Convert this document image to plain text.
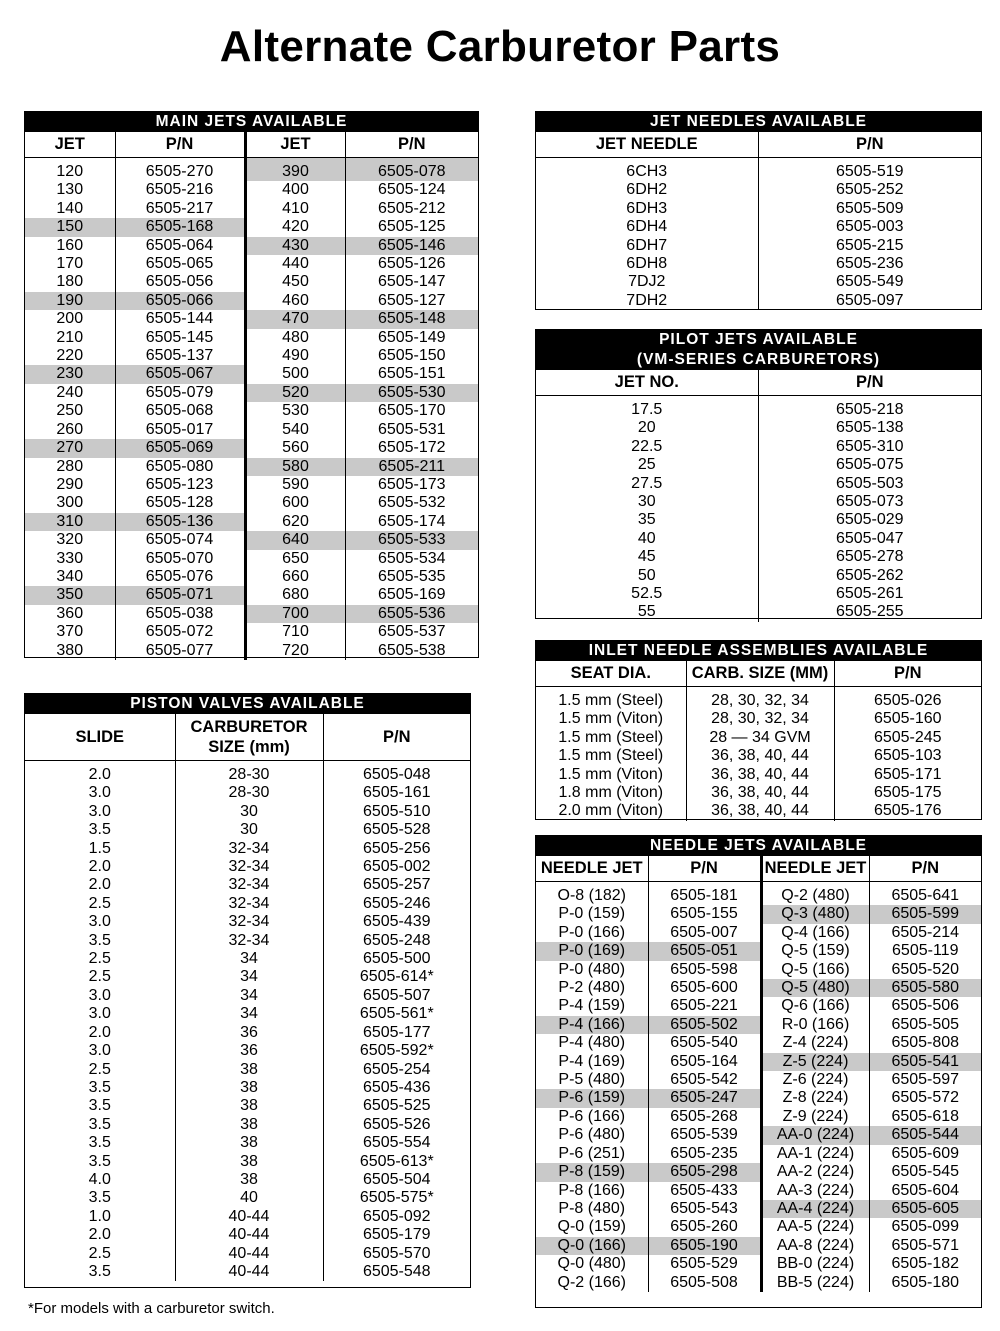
Alternate Carburetor Parts
MAIN JETS AVAILABLE
JET	P/N	JET	P/N
120	6505-270	390	6505-078
130	6505-216	400	6505-124
140	6505-217	410	6505-212
150	6505-168	420	6505-125
160	6505-064	430	6505-146
170	6505-065	440	6505-126
180	6505-056	450	6505-147
190	6505-066	460	6505-127
200	6505-144	470	6505-148
210	6505-145	480	6505-149
220	6505-137	490	6505-150
230	6505-067	500	6505-151
240	6505-079	520	6505-530
250	6505-068	530	6505-170
260	6505-017	540	6505-531
270	6505-069	560	6505-172
280	6505-080	580	6505-211
290	6505-123	590	6505-173
300	6505-128	600	6505-532
310	6505-136	620	6505-174
320	6505-074	640	6505-533
330	6505-070	650	6505-534
340	6505-076	660	6505-535
350	6505-071	680	6505-169
360	6505-038	700	6505-536
370	6505-072	710	6505-537
380	6505-077	720	6505-538
PISTON VALVES AVAILABLE
SLIDE	CARBURETOR SIZE (mm)	P/N
2.0	28-30	6505-048
3.0	28-30	6505-161
3.0	30	6505-510
3.5	30	6505-528
1.5	32-34	6505-256
2.0	32-34	6505-002
2.0	32-34	6505-257
2.5	32-34	6505-246
3.0	32-34	6505-439
3.5	32-34	6505-248
2.5	34	6505-500
2.5	34	6505-614*
3.0	34	6505-507
3.0	34	6505-561*
2.0	36	6505-177
3.0	36	6505-592*
2.5	38	6505-254
3.5	38	6505-436
3.5	38	6505-525
3.5	38	6505-526
3.5	38	6505-554
3.5	38	6505-613*
4.0	38	6505-504
3.5	40	6505-575*
1.0	40-44	6505-092
2.0	40-44	6505-179
2.5	40-44	6505-570
3.5	40-44	6505-548
*For models with a carburetor switch.
JET NEEDLES AVAILABLE
JET NEEDLE	P/N
6CH3	6505-519
6DH2	6505-252
6DH3	6505-509
6DH4	6505-003
6DH7	6505-215
6DH8	6505-236
7DJ2	6505-549
7DH2	6505-097
PILOT JETS AVAILABLE
(VM-SERIES CARBURETORS)
JET NO.	P/N
17.5	6505-218
20	6505-138
22.5	6505-310
25	6505-075
27.5	6505-503
30	6505-073
35	6505-029
40	6505-047
45	6505-278
50	6505-262
52.5	6505-261
55	6505-255
INLET NEEDLE ASSEMBLIES AVAILABLE
SEAT DIA.	CARB. SIZE (MM)	P/N
1.5 mm (Steel)	28, 30, 32, 34	6505-026
1.5 mm (Viton)	28, 30, 32, 34	6505-160
1.5 mm (Steel)	28 — 34 GVM	6505-245
1.5 mm (Steel)	36, 38, 40, 44	6505-103
1.5 mm (Viton)	36, 38, 40, 44	6505-171
1.8 mm (Viton)	36, 38, 40, 44	6505-175
2.0 mm (Viton)	36, 38, 40, 44	6505-176
NEEDLE JETS AVAILABLE
NEEDLE JET	P/N	NEEDLE JET	P/N
O-8 (182)	6505-181	Q-2 (480)	6505-641
P-0 (159)	6505-155	Q-3 (480)	6505-599
P-0 (166)	6505-007	Q-4 (166)	6505-214
P-0 (169)	6505-051	Q-5 (159)	6505-119
P-0 (480)	6505-598	Q-5 (166)	6505-520
P-2 (480)	6505-600	Q-5 (480)	6505-580
P-4 (159)	6505-221	Q-6 (166)	6505-506
P-4 (166)	6505-502	R-0 (166)	6505-505
P-4 (480)	6505-540	Z-4 (224)	6505-808
P-4 (169)	6505-164	Z-5 (224)	6505-541
P-5 (480)	6505-542	Z-6 (224)	6505-597
P-6 (159)	6505-247	Z-8 (224)	6505-572
P-6 (166)	6505-268	Z-9 (224)	6505-618
P-6 (480)	6505-539	AA-0 (224)	6505-544
P-6 (251)	6505-235	AA-1 (224)	6505-609
P-8 (159)	6505-298	AA-2 (224)	6505-545
P-8 (166)	6505-433	AA-3 (224)	6505-604
P-8 (480)	6505-543	AA-4 (224)	6505-605
Q-0 (159)	6505-260	AA-5 (224)	6505-099
Q-0 (166)	6505-190	AA-8 (224)	6505-571
Q-0 (480)	6505-529	BB-0 (224)	6505-182
Q-2 (166)	6505-508	BB-5 (224)	6505-180
